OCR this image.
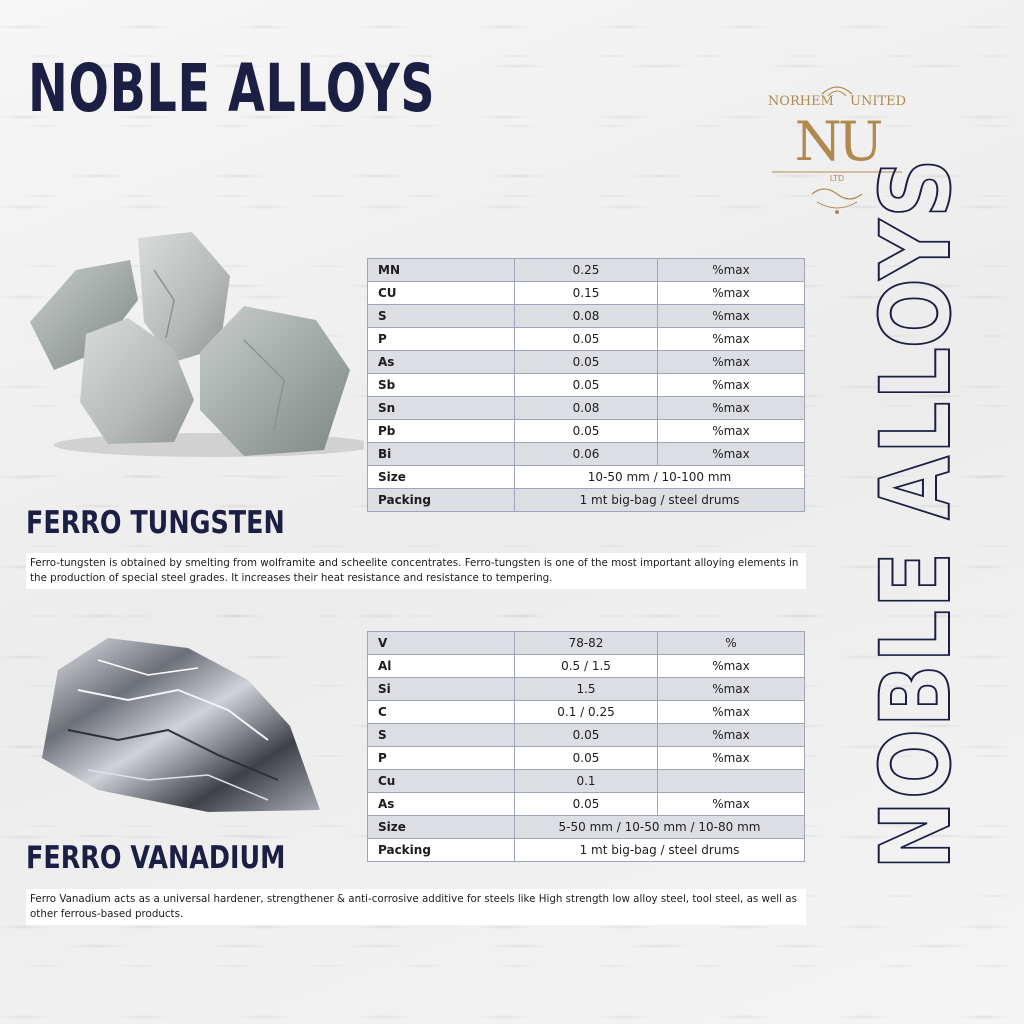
NOBLE ALLOYS	NORHEM UNITED
NU
LTD NOBLE ALLOYS
MN	0.25	%max
CU	0.15	%max
S	0.08	%max
P	0.05	%max
As	0.05	%max
Sb	0.05	%max
Sn	0.08	%max
Pb	0.05	%max
Bi	0.06	%max
Size	10-50 mm / 10-100 mm	
Packing	1 mt big-bag / steel drums	
FERRO TUNGSTEN

Ferro-tungsten is obtained by smelting from wolframite and scheelite concentrates. Ferro-tungsten is one of the most important alloying elements in the production of special steel grades. It increases their heat resistance and resistance to tempering.

V	78-82	%
Al	0.5 / 1.5	%max
Si	1.5	%max
C	0.1 / 0.25	%max
S	0.05	%max
P	0.05	%max
Cu	0.1	
As	0.05	%max
Size	5-50 mm / 10-50 mm / 10-80 mm	
Packing	1 mt big-bag / steel drums	
FERRO VANADIUM

Ferro Vanadium acts as a universal hardener, strengthener & anti-corrosive additive for steels like High strength low alloy steel, tool steel, as well as other ferrous-based products.
